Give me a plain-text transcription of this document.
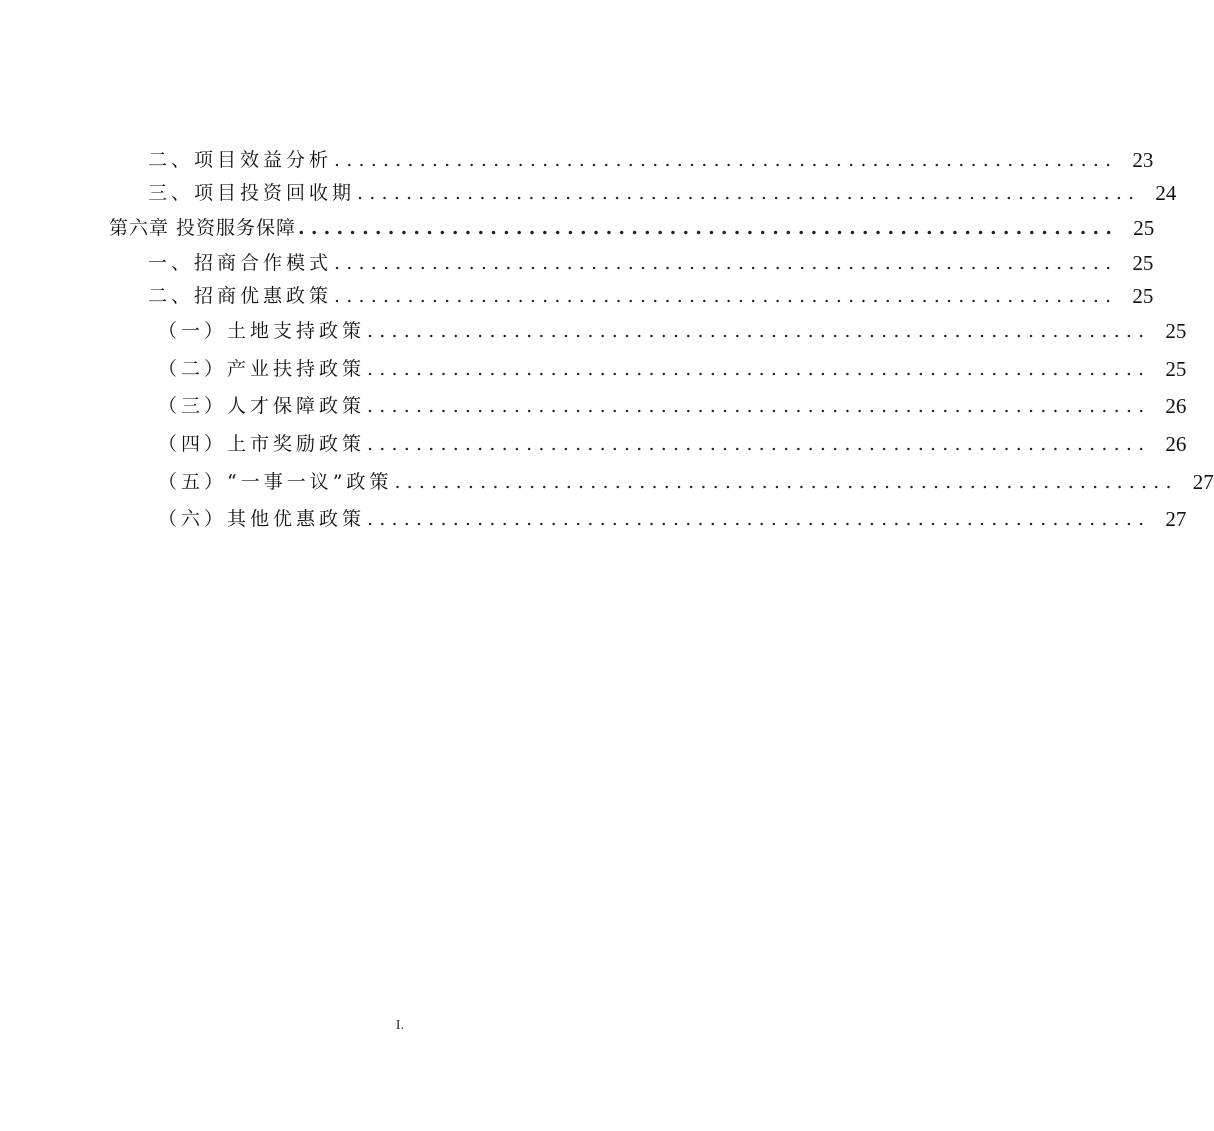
二、项目效益分析 ................................................................ 23
三、项目投资回收期 ................................................................ 24
第六章 投资服务保障 ................................................................ 25
一、招商合作模式 ................................................................ 25
二、招商优惠政策 ................................................................ 25
（一）土地支持政策 ................................................................ 25
（二）产业扶持政策 ................................................................ 25
（三）人才保障政策 ................................................................ 26
（四）上市奖励政策 ................................................................ 26
（五）“一事一议”政策 ................................................................ 27
（六）其他优惠政策 ................................................................ 27
I.
